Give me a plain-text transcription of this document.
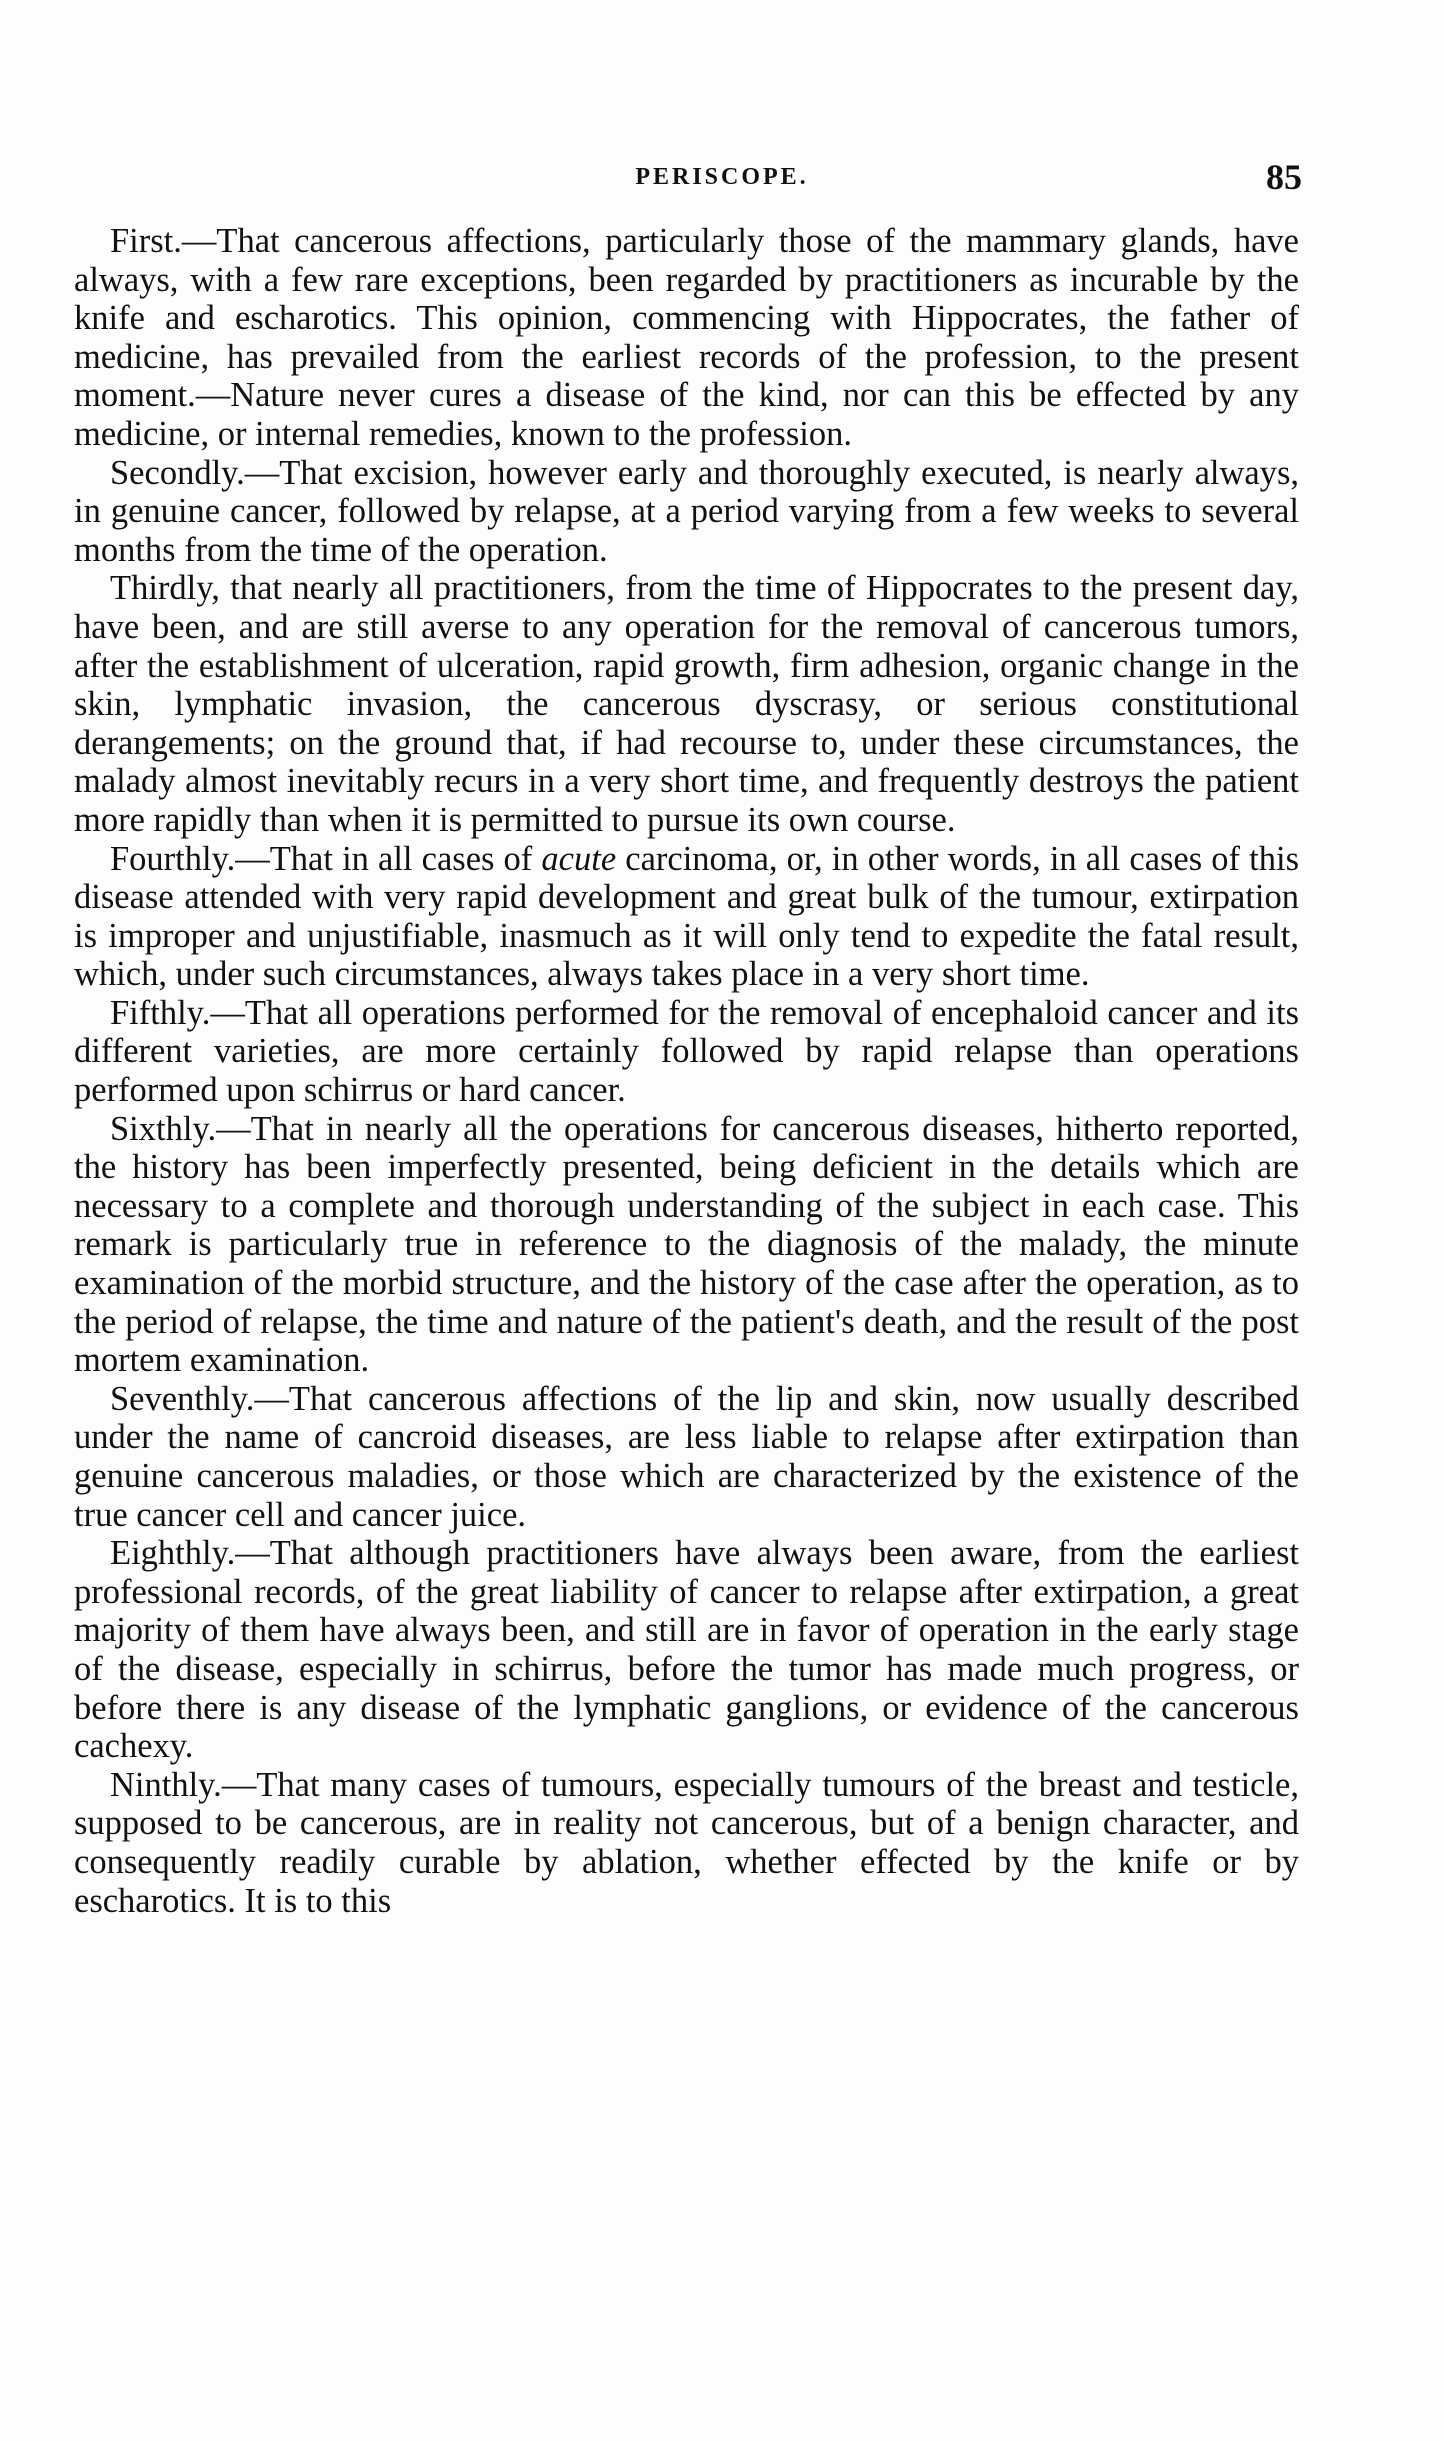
PERISCOPE.	85

First.—That cancerous affections, particularly those of the mammary glands, have always, with a few rare exceptions, been regarded by practitioners as incurable by the knife and escharotics. This opinion, commencing with Hippocrates, the father of medicine, has prevailed from the earliest records of the profession, to the present moment.—Nature never cures a disease of the kind, nor can this be effected by any medicine, or internal remedies, known to the profession.

Secondly.—That excision, however early and thoroughly executed, is nearly always, in genuine cancer, followed by relapse, at a period varying from a few weeks to several months from the time of the operation.

Thirdly, that nearly all practitioners, from the time of Hippocrates to the present day, have been, and are still averse to any operation for the removal of cancerous tumors, after the establishment of ulceration, rapid growth, firm adhesion, organic change in the skin, lymphatic invasion, the cancerous dyscrasy, or serious constitutional derangements; on the ground that, if had recourse to, under these circumstances, the malady almost inevitably recurs in a very short time, and frequently destroys the patient more rapidly than when it is permitted to pursue its own course.

Fourthly.—That in all cases of acute carcinoma, or, in other words, in all cases of this disease attended with very rapid development and great bulk of the tumour, extirpation is improper and unjustifiable, inasmuch as it will only tend to expedite the fatal result, which, under such circumstances, always takes place in a very short time.

Fifthly.—That all operations performed for the removal of encephaloid cancer and its different varieties, are more certainly followed by rapid relapse than operations performed upon schirrus or hard cancer.

Sixthly.—That in nearly all the operations for cancerous diseases, hitherto reported, the history has been imperfectly presented, being deficient in the details which are necessary to a complete and thorough understanding of the subject in each case. This remark is particularly true in reference to the diagnosis of the malady, the minute examination of the morbid structure, and the history of the case after the operation, as to the period of relapse, the time and nature of the patient's death, and the result of the post mortem examination.

Seventhly.—That cancerous affections of the lip and skin, now usually described under the name of cancroid diseases, are less liable to relapse after extirpation than genuine cancerous maladies, or those which are characterized by the existence of the true cancer cell and cancer juice.

Eighthly.—That although practitioners have always been aware, from the earliest professional records, of the great liability of cancer to relapse after extirpation, a great majority of them have always been, and still are in favor of operation in the early stage of the disease, especially in schirrus, before the tumor has made much progress, or before there is any disease of the lymphatic ganglions, or evidence of the cancerous cachexy.

Ninthly.—That many cases of tumours, especially tumours of the breast and testicle, supposed to be cancerous, are in reality not cancerous, but of a benign character, and consequently readily curable by ablation, whether effected by the knife or by escharotics. It is to this
